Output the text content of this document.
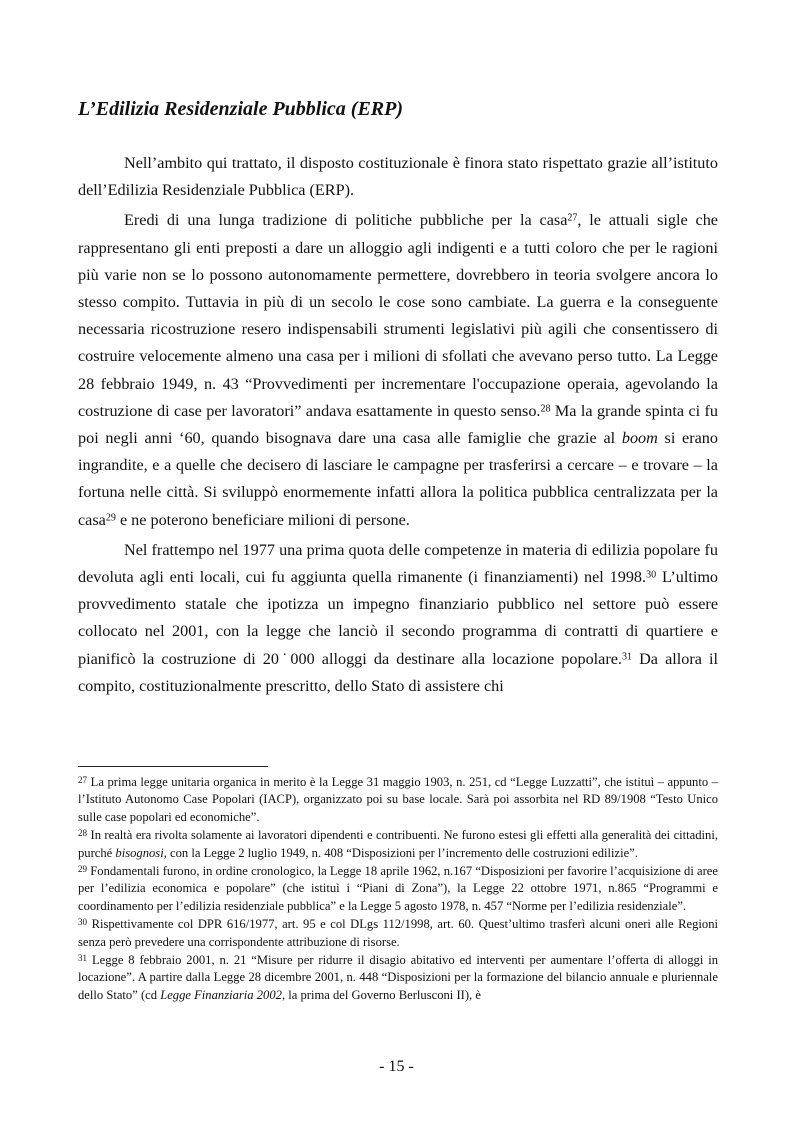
L’Edilizia Residenziale Pubblica (ERP)

Nell’ambito qui trattato, il disposto costituzionale è finora stato rispettato grazie all’istituto dell’Edilizia Residenziale Pubblica (ERP).

Eredi di una lunga tradizione di politiche pubbliche per la casa$^{27}$, le attuali sigle che rappresentano gli enti preposti a dare un alloggio agli indigenti e a tutti coloro che per le ragioni più varie non se lo possono autonomamente permettere, dovrebbero in teoria svolgere ancora lo stesso compito. Tuttavia in più di un secolo le cose sono cambiate. La guerra e la conseguente necessaria ricostruzione resero indispensabili strumenti legislativi più agili che consentissero di costruire velocemente almeno una casa per i milioni di sfollati che avevano perso tutto. La Legge 28 febbraio 1949, n. 43 “Provvedimenti per incrementare l'occupazione operaia, agevolando la costruzione di case per lavoratori” andava esattamente in questo senso.$^{28}$ Ma la grande spinta ci fu poi negli anni ‘60, quando bisognava dare una casa alle famiglie che grazie al boom si erano ingrandite, e a quelle che decisero di lasciare le campagne per trasferirsi a cercare – e trovare – la fortuna nelle città. Si sviluppò enormemente infatti allora la politica pubblica centralizzata per la casa$^{29}$ e ne poterono beneficiare milioni di persone.

Nel frattempo nel 1977 una prima quota delle competenze in materia di edilizia popolare fu devoluta agli enti locali, cui fu aggiunta quella rimanente (i finanziamenti) nel 1998.30 L’ultimo provvedimento statale che ipotizza un impegno finanziario pubblico nel settore può essere collocato nel 2001, con la legge che lanciò il secondo programma di contratti di quartiere e pianificò la costruzione di 20˙000 alloggi da destinare alla locazione popolare.$^{31}$ Da allora il compito, costituzionalmente prescritto, dello Stato di assistere chi

$^{27}$ La prima legge unitaria organica in merito è la Legge 31 maggio 1903, n. 251, cd “Legge Luzzatti”, che istituì – appunto – l’Istituto Autonomo Case Popolari (IACP), organizzato poi su base locale. Sarà poi assorbita nel RD 89/1908 “Testo Unico sulle case popolari ed economiche”.

$^{28}$ In realtà era rivolta solamente ai lavoratori dipendenti e contribuenti. Ne furono estesi gli effetti alla generalità dei cittadini, purché bisognosi, con la Legge 2 luglio 1949, n. 408 “Disposizioni per l’incremento delle costruzioni edilizie”.

$^{29}$ Fondamentali furono, in ordine cronologico, la Legge 18 aprile 1962, n.167 “Disposizioni per favorire l’acquisizione di aree per l’edilizia economica e popolare” (che istituì i “Piani di Zona”), la Legge 22 ottobre 1971, n.865 “Programmi e coordinamento per l’edilizia residenziale pubblica” e la Legge 5 agosto 1978, n. 457 “Norme per l’edilizia residenziale”.

$^{30}$ Rispettivamente col DPR 616/1977, art. 95 e col DLgs 112/1998, art. 60. Quest’ultimo trasferì alcuni oneri alle Regioni senza però prevedere una corrispondente attribuzione di risorse.

$^{31}$ Legge 8 febbraio 2001, n. 21 “Misure per ridurre il disagio abitativo ed interventi per aumentare l’offerta di alloggi in locazione”. A partire dalla Legge 28 dicembre 2001, n. 448 “Disposizioni per la formazione del bilancio annuale e pluriennale dello Stato” (cd Legge Finanziaria 2002, la prima del Governo Berlusconi II), è

- 15 -
